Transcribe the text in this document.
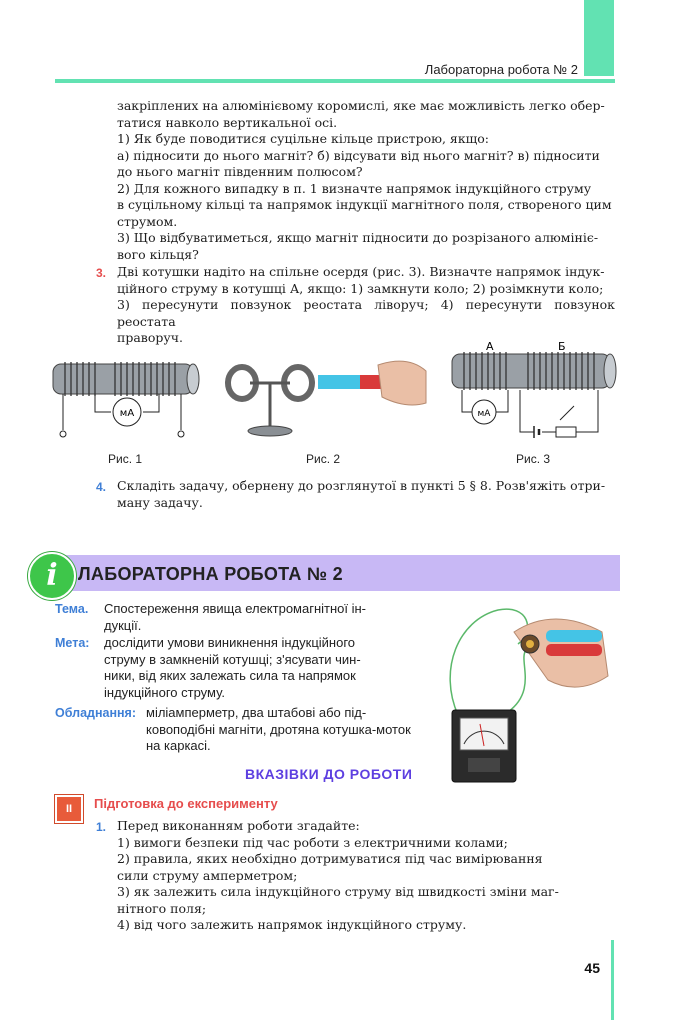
Лабораторна робота № 2
закріплених на алюмінієвому коромислі, яке має можливість легко обер-
татися навколо вертикальної осі.
1) Як буде поводитися суцільне кільце пристрою, якщо:
а) підносити до нього магніт? б) відсувати від нього магніт? в) підносити
до нього магніт південним полюсом?
2) Для кожного випадку в п. 1 визначте напрямок індукційного струму
в суцільному кільці та напрямок індукції магнітного поля, створеного цим
струмом.
3) Що відбуватиметься, якщо магніт підносити до розрізаного алюмініє-
вого кільця?
3. Дві котушки надіто на спільне осердя (рис. 3). Визначте напрямок індук-
ційного струму в котушці А, якщо: 1) замкнути коло; 2) розімкнути коло;
3) пересунути повзунок реостата ліворуч; 4) пересунути повзунок реостата
праворуч.
мА
Рис. 1	Рис. 2
А	Б
мА
Рис. 3
4. Складіть задачу, обернену до розглянутої в пункті 5 § 8. Розв'яжіть отри-
ману задачу.
i	ЛАБОРАТОРНА РОБОТА № 2
Тема. Спостереження явища електромагнітної ін-
дукції.
Мета: дослідити умови виникнення індукційного
струму в замкненій котушці; з'ясувати чин-
ники, від яких залежать сила та напрямок
індукційного струму.
Обладнання: міліамперметр, два штабові або під-
ковоподібні магніти, дротяна котушка-моток
на каркасі.
ВКАЗІВКИ ДО РОБОТИ
II	Підготовка до експерименту
1. Перед виконанням роботи згадайте:
1) вимоги безпеки під час роботи з електричними колами;
2) правила, яких необхідно дотримуватися під час вимірювання
сили струму амперметром;
3) як залежить сила індукційного струму від швидкості зміни маг-
нітного поля;
4) від чого залежить напрямок індукційного струму.
45
